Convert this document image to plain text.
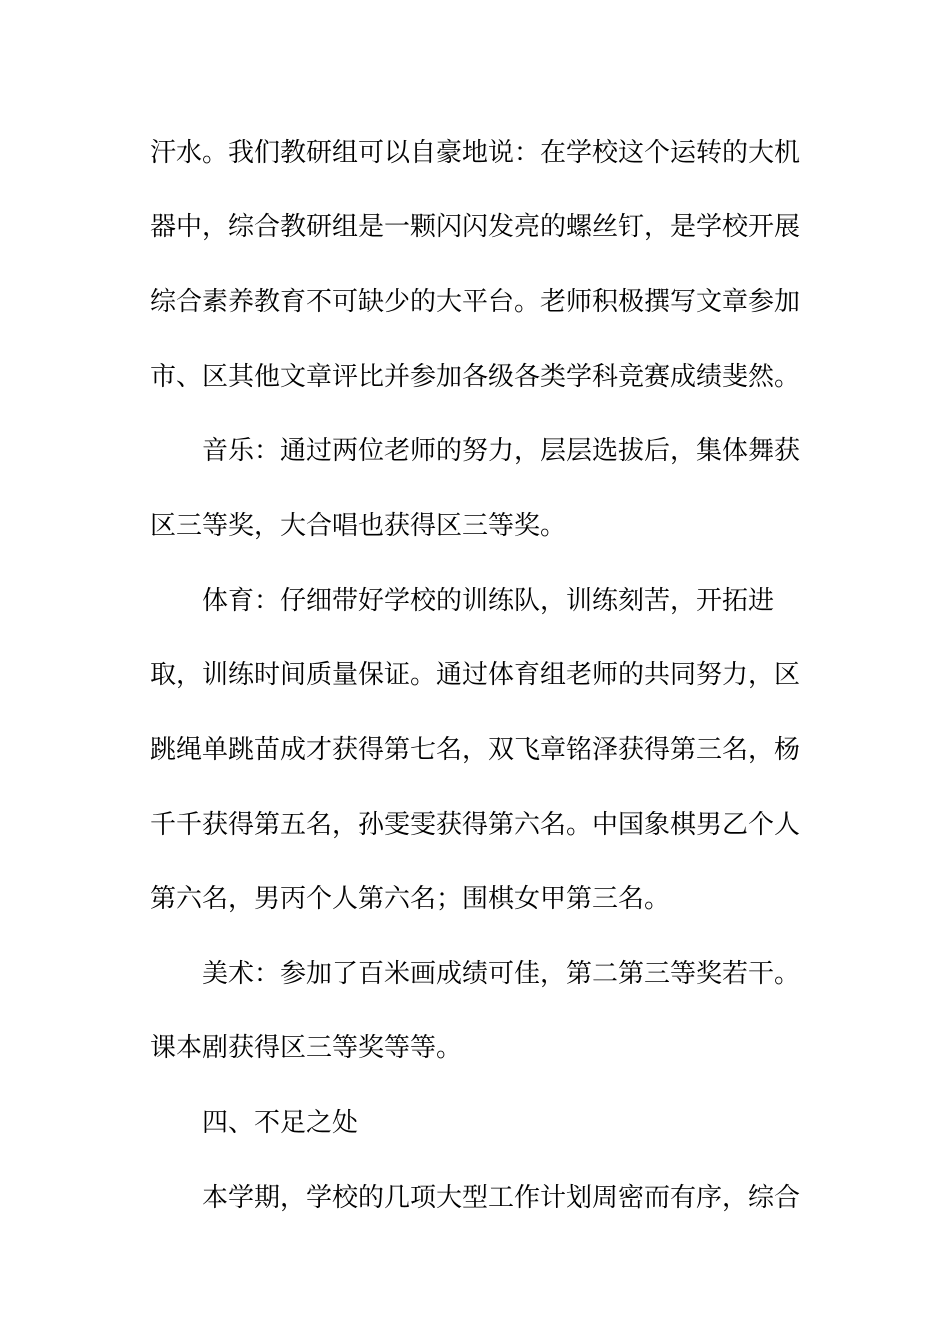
汗水。我们教研组可以自豪地说：在学校这个运转的大机
器中，综合教研组是一颗闪闪发亮的螺丝钉，是学校开展
综合素养教育不可缺少的大平台。老师积极撰写文章参加
市、区其他文章评比并参加各级各类学科竞赛成绩斐然。
音乐：通过两位老师的努力，层层选拔后，集体舞获
区三等奖，大合唱也获得区三等奖。
体育：仔细带好学校的训练队，训练刻苦，开拓进
取，训练时间质量保证。通过体育组老师的共同努力，区
跳绳单跳苗成才获得第七名，双飞章铭泽获得第三名，杨
千千获得第五名，孙雯雯获得第六名。中国象棋男乙个人
第六名，男丙个人第六名；围棋女甲第三名。
美术：参加了百米画成绩可佳，第二第三等奖若干。
课本剧获得区三等奖等等。
四、不足之处
本学期，学校的几项大型工作计划周密而有序，综合
